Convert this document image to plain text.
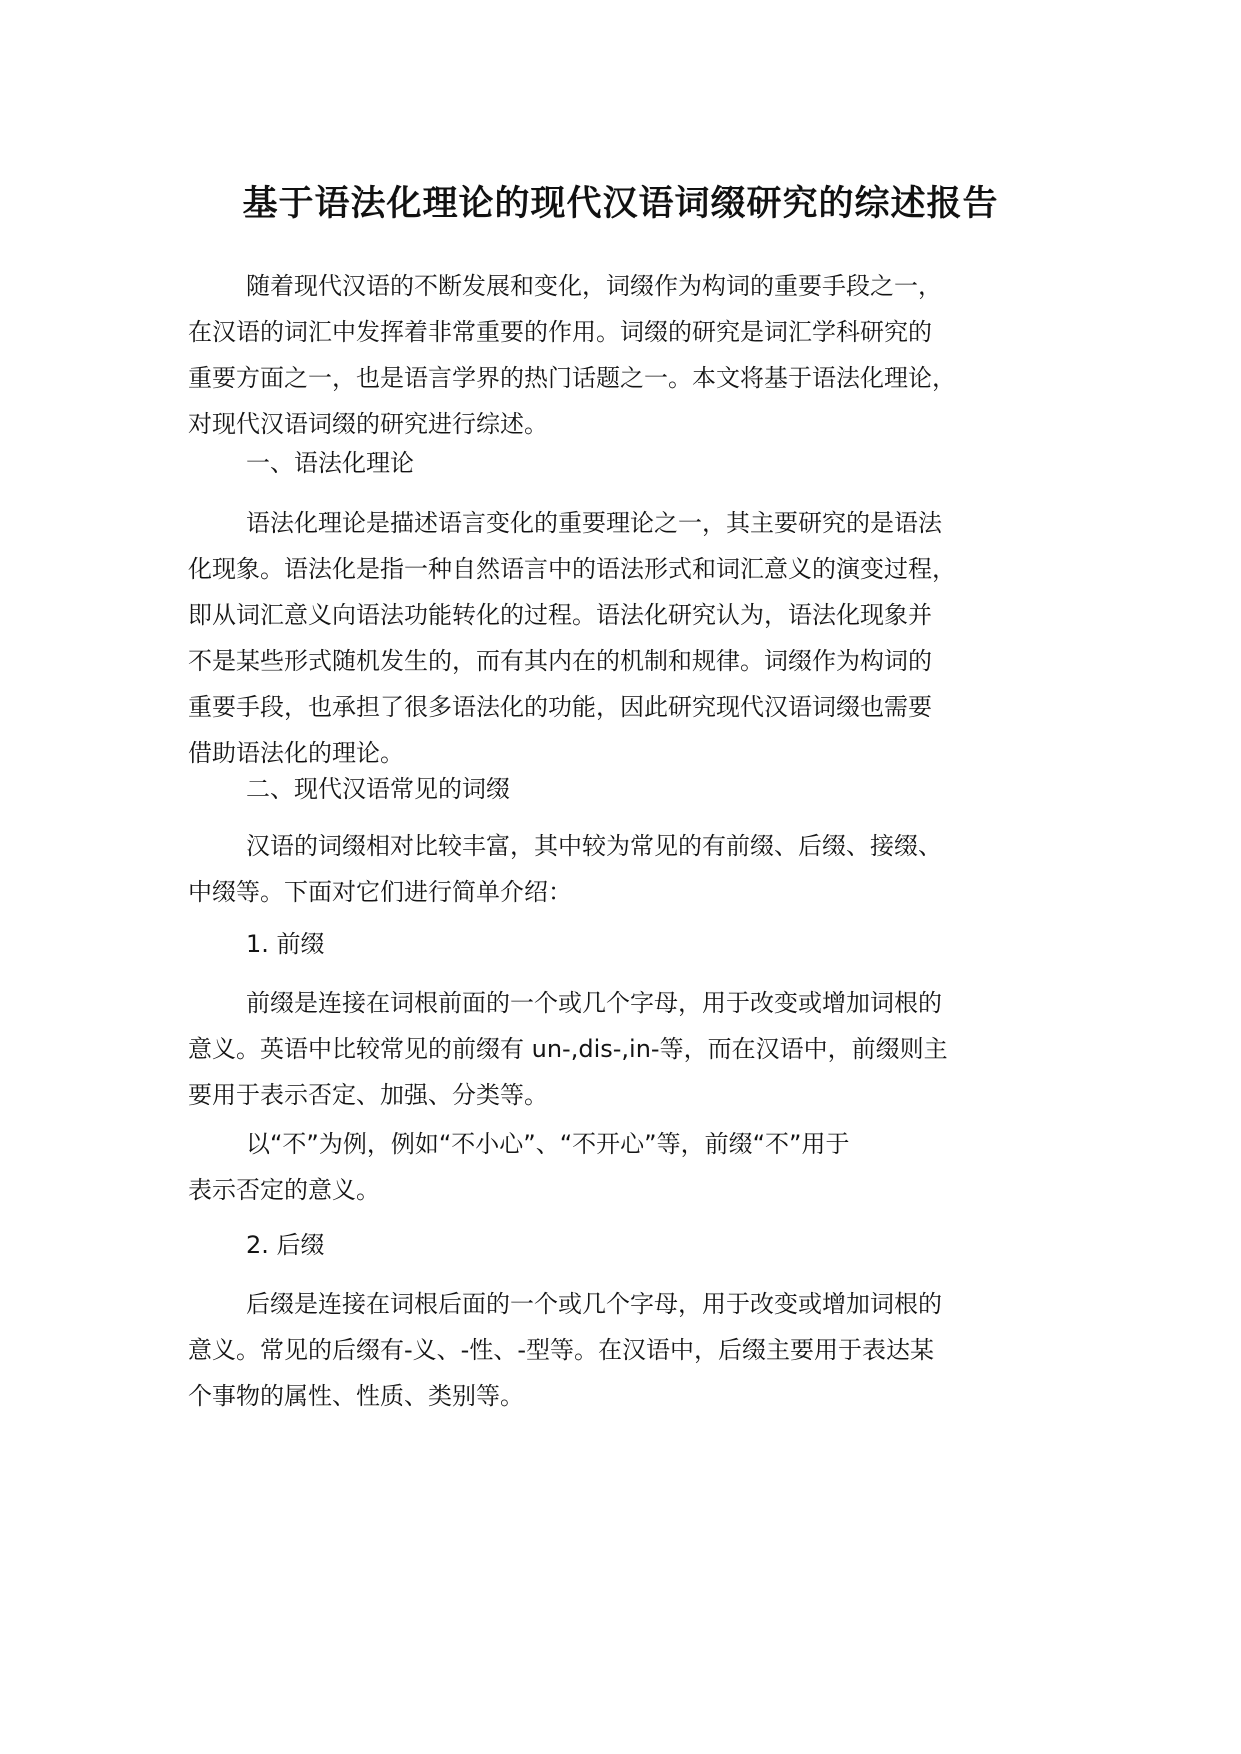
基于语法化理论的现代汉语词缀研究的综述报告
随着现代汉语的不断发展和变化，词缀作为构词的重要手段之一，
在汉语的词汇中发挥着非常重要的作用。词缀的研究是词汇学科研究的
重要方面之一，也是语言学界的热门话题之一。本文将基于语法化理论，
对现代汉语词缀的研究进行综述。
一、语法化理论
语法化理论是描述语言变化的重要理论之一，其主要研究的是语法
化现象。语法化是指一种自然语言中的语法形式和词汇意义的演变过程，
即从词汇意义向语法功能转化的过程。语法化研究认为，语法化现象并
不是某些形式随机发生的，而有其内在的机制和规律。词缀作为构词的
重要手段，也承担了很多语法化的功能，因此研究现代汉语词缀也需要
借助语法化的理论。
二、现代汉语常见的词缀
汉语的词缀相对比较丰富，其中较为常见的有前缀、后缀、接缀、
中缀等。下面对它们进行简单介绍：
1. 前缀
前缀是连接在词根前面的一个或几个字母，用于改变或增加词根的
意义。英语中比较常见的前缀有 un-,dis-,in-等，而在汉语中，前缀则主
要用于表示否定、加强、分类等。
以“不”为例，例如“不小心”、“不开心”等，前缀“不”用于
表示否定的意义。
2. 后缀
后缀是连接在词根后面的一个或几个字母，用于改变或增加词根的
意义。常见的后缀有-义、-性、-型等。在汉语中，后缀主要用于表达某
个事物的属性、性质、类别等。
